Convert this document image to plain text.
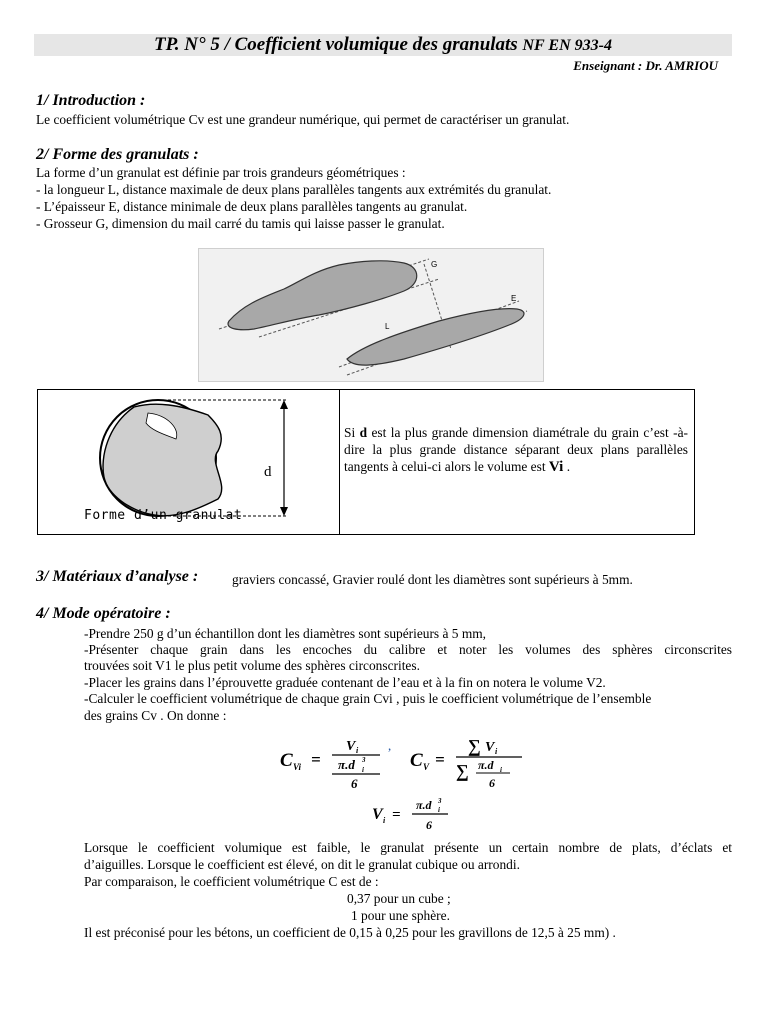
TP. N° 5 / Coefficient volumique des granulats NF EN 933-4
Enseignant : Dr. AMRIOU
1/ Introduction :
Le coefficient volumétrique Cv est une grandeur numérique, qui permet de caractériser un granulat.
2/ Forme des granulats :
La forme d’un granulat est définie par trois grandeurs géométriques :
- la longueur L, distance maximale de deux plans parallèles tangents aux extrémités du granulat.
- L’épaisseur E, distance minimale de deux plans parallèles tangents au granulat.
- Grosseur G, dimension du mail carré du tamis qui laisse passer le granulat.
G
E
L
d
Forme d’un granulat
Si d est la plus grande dimension diamétrale du grain c’est -à-dire la plus grande distance séparant deux plans parallèles tangents à celui-ci alors le volume est Vi .
3/ Matériaux d’analyse :	graviers concassé, Gravier roulé dont les diamètres sont supérieurs à 5mm.
4/ Mode opératoire :
-Prendre 250 g d’un échantillon dont les diamètres sont supérieurs à 5 mm,
-Présenter chaque grain dans les encoches du calibre et noter les volumes des sphères circonscrites
trouvées soit V1 le plus petit volume des sphères circonscrites.
-Placer les grains dans l’éprouvette graduée contenant de l’eau et à la fin on notera le volume V2.
-Calculer le coefficient volumétrique de chaque grain Cvi , puis le coefficient volumétrique de l’ensemble
des grains Cv . On donne :
C Vi =
V i
π.d i
3
6
,
C V =
∑ V i
∑ π.d i
6
V i =
π.d i
3
6
Lorsque le coefficient volumique est faible, le granulat présente un certain nombre de plats, d’éclats et
d’aiguilles. Lorsque le coefficient est élevé, on dit le granulat cubique ou arrondi.
Par comparaison, le coefficient volumétrique C est de :
0,37 pour un cube ;
1 pour une sphère.
Il est préconisé pour les bétons, un coefficient de 0,15 à 0,25 pour les gravillons de 12,5 à 25 mm) .
